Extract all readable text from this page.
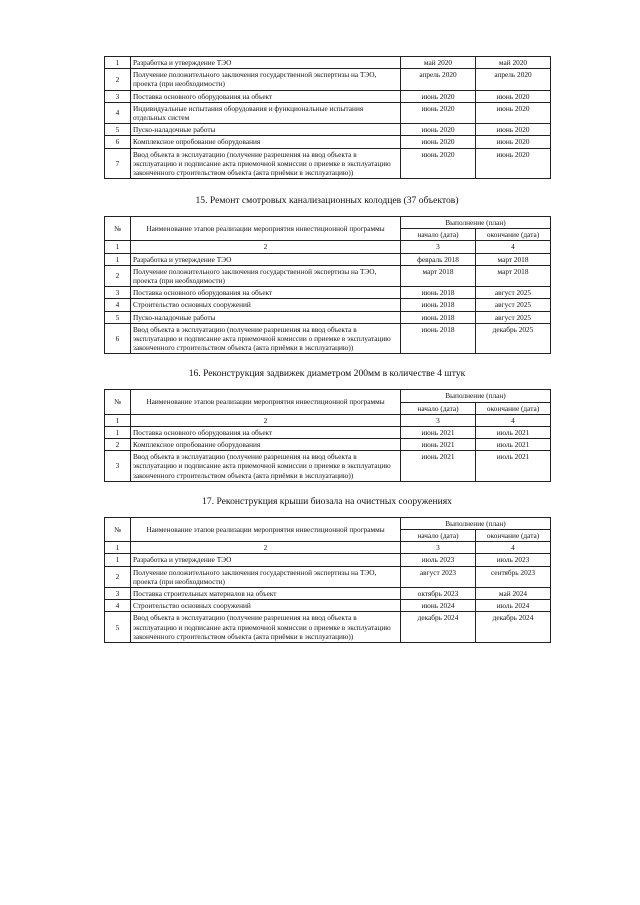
1	Разработка и утверждение ТЭО	май 2020	май 2020
2	Получение положительного заключения государственной экспертизы на ТЭО, проекта (при необходимости)	апрель 2020	апрель 2020
3	Поставка основного оборудования на объект	июнь 2020	июнь 2020
4	Индивидуальные испытания оборудования и функциональные испытания отдельных систем	июнь 2020	июнь 2020
5	Пуско-наладочные работы	июнь 2020	июнь 2020
6	Комплексное опробование оборудования	июнь 2020	июнь 2020
7	Ввод объекта в эксплуатацию (получение разрешения на ввод объекта в эксплуатацию и подписание акта приемочной комиссии о приемке в эксплуатацию законченного строительством объекта (акта приёмки в эксплуатацию))	июнь 2020	июнь 2020

15. Ремонт смотровых канализационных колодцев (37 объектов)

№	Наименование этапов реализации мероприятия инвестиционной программы	Выполнение (план)	
		начало (дата)	окончание (дата)
1	2	3	4
1	Разработка и утверждение ТЭО	февраль 2018	март 2018
2	Получение положительного заключения государственной экспертизы на ТЭО, проекта (при необходимости)	март 2018	март 2018
3	Поставка основного оборудования на объект	июнь 2018	август 2025
4	Строительство основных сооружений	июнь 2018	август 2025
5	Пуско-наладочные работы	июнь 2018	август 2025
6	Ввод объекта в эксплуатацию (получение разрешения на ввод объекта в эксплуатацию и подписание акта приемочной комиссии о приемке в эксплуатацию законченного строительством объекта (акта приёмки в эксплуатацию))	июнь 2018	декабрь 2025

16. Реконструкция задвижек диаметром 200мм в количестве 4 штук

№	Наименование этапов реализации мероприятия инвестиционной программы	Выполнение (план)	
		начало (дата)	окончание (дата)
1	2	3	4
1	Поставка основного оборудования на объект	июнь 2021	июль 2021
2	Комплексное опробование оборудования	июнь 2021	июль 2021
3	Ввод объекта в эксплуатацию (получение разрешения на ввод объекта в эксплуатацию и подписание акта приемочной комиссии о приемке в эксплуатацию законченного строительством объекта (акта приёмки в эксплуатацию))	июнь 2021	июль 2021

17. Реконструкция крыши биозала на очистных сооружениях

№	Наименование этапов реализации мероприятия инвестиционной программы	Выполнение (план)	
		начало (дата)	окончание (дата)
1	2	3	4
1	Разработка и утверждение ТЭО	июль 2023	июль 2023
2	Получение положительного заключения государственной экспертизы на ТЭО, проекта (при необходимости)	август 2023	сентябрь 2023
3	Поставка строительных материалов на объект	октябрь 2023	май 2024
4	Строительство основных сооружений	июнь 2024	июль 2024
5	Ввод объекта в эксплуатацию (получение разрешения на ввод объекта в эксплуатацию и подписание акта приемочной комиссии о приемке в эксплуатацию законченного строительством объекта (акта приёмки в эксплуатацию))	декабрь 2024	декабрь 2024
